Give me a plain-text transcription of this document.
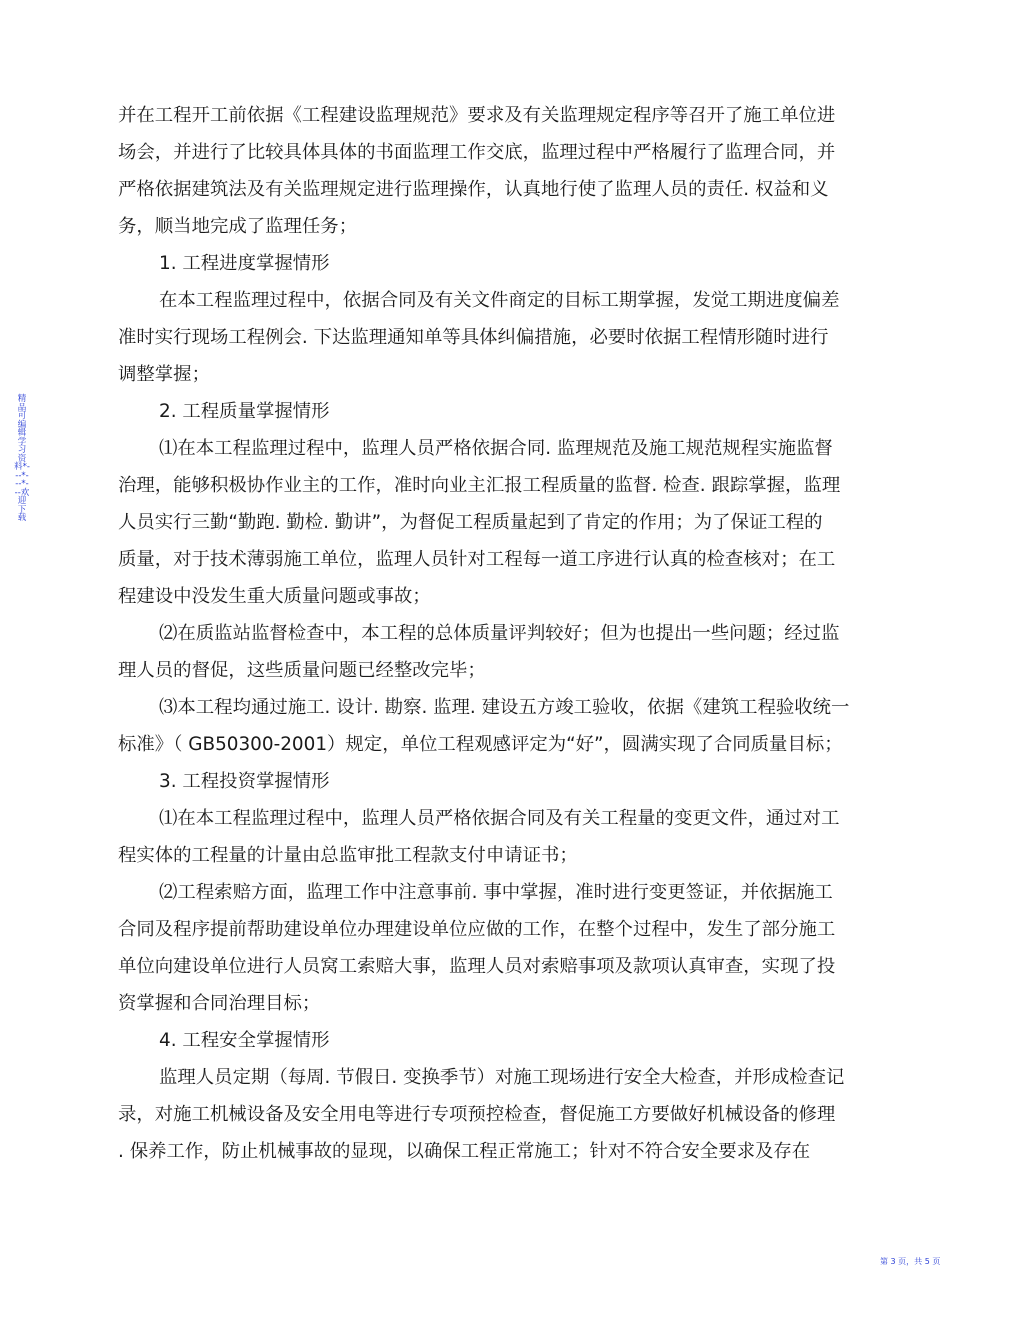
并在工程开工前依据《工程建设监理规范》要求及有关监理规定程序等召开了施工单位进
场会，并进行了比较具体具体的书面监理工作交底，监理过程中严格履行了监理合同，并
严格依据建筑法及有关监理规定进行监理操作，认真地行使了监理人员的责任. 权益和义
务，顺当地完成了监理任务；
1. 工程进度掌握情形
在本工程监理过程中，依据合同及有关文件商定的目标工期掌握，发觉工期进度偏差
准时实行现场工程例会. 下达监理通知单等具体纠偏措施，必要时依据工程情形随时进行
调整掌握；
2. 工程质量掌握情形
⑴在本工程监理过程中，监理人员严格依据合同. 监理规范及施工规范规程实施监督
治理，能够积极协作业主的工作，准时向业主汇报工程质量的监督. 检查. 跟踪掌握，监理
人员实行三勤“勤跑. 勤检. 勤讲”，为督促工程质量起到了肯定的作用；为了保证工程的
质量，对于技术薄弱施工单位，监理人员针对工程每一道工序进行认真的检查核对；在工
程建设中没发生重大质量问题或事故；
⑵在质监站监督检查中，本工程的总体质量评判较好；但为也提出一些问题；经过监
理人员的督促，这些质量问题已经整改完毕；
⑶本工程均通过施工. 设计. 勘察. 监理. 建设五方竣工验收，依据《建筑工程验收统一
标准》（ GB50300-2001）规定，单位工程观感评定为“好”，圆满实现了合同质量目标；
3. 工程投资掌握情形
⑴在本工程监理过程中，监理人员严格依据合同及有关工程量的变更文件，通过对工
程实体的工程量的计量由总监审批工程款支付申请证书；
⑵工程索赔方面，监理工作中注意事前. 事中掌握，准时进行变更签证，并依据施工
合同及程序提前帮助建设单位办理建设单位应做的工作，在整个过程中，发生了部分施工
单位向建设单位进行人员窝工索赔大事，监理人员对索赔事项及款项认真审查，实现了投
资掌握和合同治理目标；
4. 工程安全掌握情形
监理人员定期（每周. 节假日. 变换季节）对施工现场进行安全大检查，并形成检查记
录，对施工机械设备及安全用电等进行专项预控检查，督促施工方要做好机械设备的修理
. 保养工作，防止机械事故的显现，以确保工程正常施工；针对不符合安全要求及存在
精品可编辑学习资料*---*---*---欢迎下载
第 3 页，共 5 页
